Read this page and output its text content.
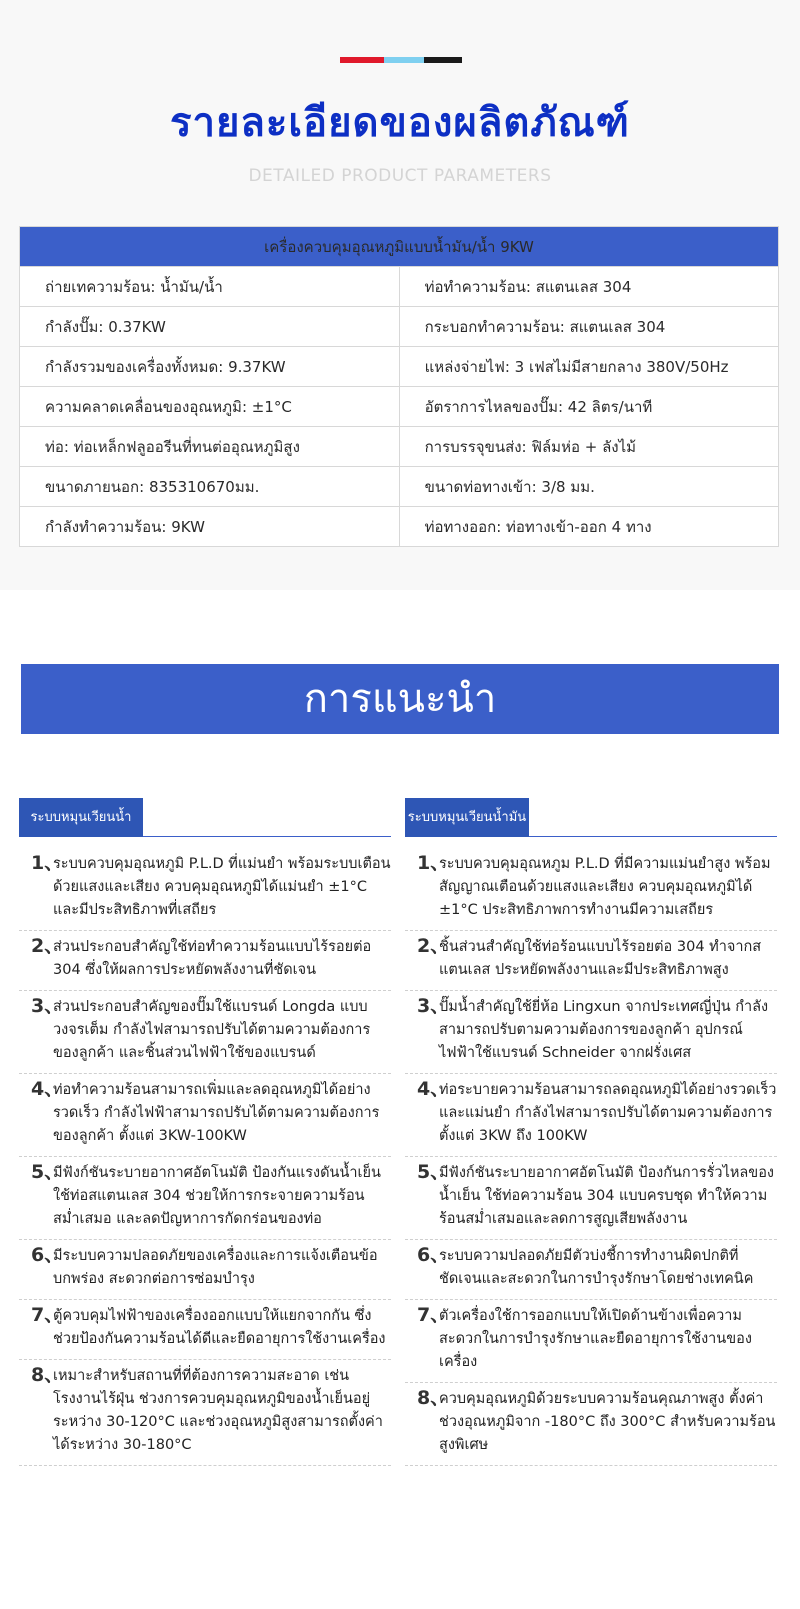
รายละเอียดของผลิตภัณฑ์
DETAILED PRODUCT PARAMETERS
เครื่องควบคุมอุณหภูมิแบบน้ำมัน/น้ำ 9KW	
ถ่ายเทความร้อน: น้ำมัน/น้ำ	ท่อทำความร้อน: สแตนเลส 304
กำลังปั๊ม: 0.37KW	กระบอกทำความร้อน: สแตนเลส 304
กำลังรวมของเครื่องทั้งหมด: 9.37KW	แหล่งจ่ายไฟ: 3 เฟสไม่มีสายกลาง 380V/50Hz
ความคลาดเคลื่อนของอุณหภูมิ: ±1°C	อัตราการไหลของปั๊ม: 42 ลิตร/นาที
ท่อ: ท่อเหล็กฟลูออรีนที่ทนต่ออุณหภูมิสูง	การบรรจุขนส่ง: ฟิล์มห่อ + ลังไม้
ขนาดภายนอก: 835310670มม.	ขนาดท่อทางเข้า: 3/8 มม.
กำลังทำความร้อน: 9KW	ท่อทางออก: ท่อทางเข้า-ออก 4 ทาง
การแนะนำ
ระบบหมุนเวียนน้ำ
1、
ระบบควบคุมอุณหภูมิ P.L.D ที่แม่นยำ พร้อมระบบเตือนด้วยแสงและเสียง ควบคุมอุณหภูมิได้แม่นยำ ±1°C และมีประสิทธิภาพที่เสถียร
2、
ส่วนประกอบสำคัญใช้ท่อทำความร้อนแบบไร้รอยต่อ 304 ซึ่งให้ผลการประหยัดพลังงานที่ชัดเจน
3、
ส่วนประกอบสำคัญของปั๊มใช้แบรนด์ Longda แบบวงจรเต็ม กำลังไฟสามารถปรับได้ตามความต้องการของลูกค้า และชิ้นส่วนไฟฟ้าใช้ของแบรนด์
4、
ท่อทำความร้อนสามารถเพิ่มและลดอุณหภูมิได้อย่างรวดเร็ว กำลังไฟฟ้าสามารถปรับได้ตามความต้องการของลูกค้า ตั้งแต่ 3KW-100KW
5、
มีฟังก์ชันระบายอากาศอัตโนมัติ ป้องกันแรงดันน้ำเย็น ใช้ท่อสแตนเลส 304 ช่วยให้การกระจายความร้อนสม่ำเสมอ และลดปัญหาการกัดกร่อนของท่อ
6、
มีระบบความปลอดภัยของเครื่องและการแจ้งเตือนข้อบกพร่อง สะดวกต่อการซ่อมบำรุง
7、
ตู้ควบคุมไฟฟ้าของเครื่องออกแบบให้แยกจากกัน ซึ่งช่วยป้องกันความร้อนได้ดีและยืดอายุการใช้งานเครื่อง
8、
เหมาะสำหรับสถานที่ที่ต้องการความสะอาด เช่น โรงงานไร้ฝุ่น ช่วงการควบคุมอุณหภูมิของน้ำเย็นอยู่ระหว่าง 30-120°C และช่วงอุณหภูมิสูงสามารถตั้งค่าได้ระหว่าง 30-180°C
ระบบหมุนเวียนน้ำมัน
1、
ระบบควบคุมอุณหภูม P.L.D ที่มีความแม่นยำสูง พร้อมสัญญาณเตือนด้วยแสงและเสียง ควบคุมอุณหภูมิได้ ±1°C ประสิทธิภาพการทำงานมีความเสถียร
2、
ชิ้นส่วนสำคัญใช้ท่อร้อนแบบไร้รอยต่อ 304 ทำจากสแตนเลส ประหยัดพลังงานและมีประสิทธิภาพสูง
3、
ปั๊มน้ำสำคัญใช้ยี่ห้อ Lingxun จากประเทศญี่ปุ่น กำลังสามารถปรับตามความต้องการของลูกค้า อุปกรณ์ไฟฟ้าใช้แบรนด์ Schneider จากฝรั่งเศส
4、
ท่อระบายความร้อนสามารถลดอุณหภูมิได้อย่างรวดเร็วและแม่นยำ กำลังไฟสามารถปรับได้ตามความต้องการ ตั้งแต่ 3KW ถึง 100KW
5、
มีฟังก์ชันระบายอากาศอัตโนมัติ ป้องกันการรั่วไหลของน้ำเย็น ใช้ท่อความร้อน 304 แบบครบชุด ทำให้ความร้อนสม่ำเสมอและลดการสูญเสียพลังงาน
6、
ระบบความปลอดภัยมีตัวบ่งชี้การทำงานผิดปกติที่ชัดเจนและสะดวกในการบำรุงรักษาโดยช่างเทคนิค
7、
ตัวเครื่องใช้การออกแบบให้เปิดด้านข้างเพื่อความสะดวกในการบำรุงรักษาและยืดอายุการใช้งานของเครื่อง
8、
ควบคุมอุณหภูมิด้วยระบบความร้อนคุณภาพสูง ตั้งค่าช่วงอุณหภูมิจาก -180°C ถึง 300°C สำหรับความร้อนสูงพิเศษ
